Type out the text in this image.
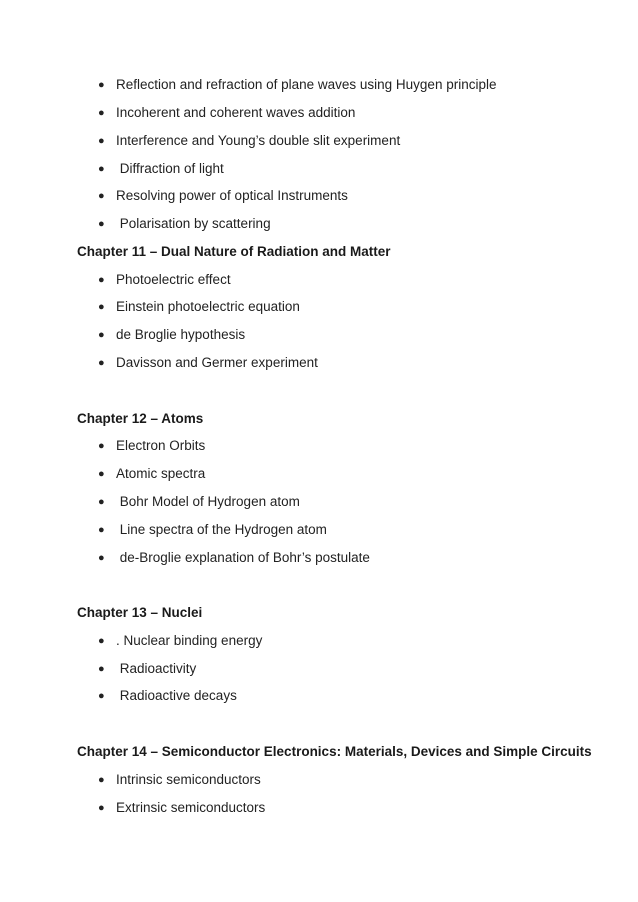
● Reflection and refraction of plane waves using Huygen principle
● Incoherent and coherent waves addition
● Interference and Young’s double slit experiment
● Diffraction of light
● Resolving power of optical Instruments
● Polarisation by scattering
Chapter 11 – Dual Nature of Radiation and Matter
● Photoelectric effect
● Einstein photoelectric equation
● de Broglie hypothesis
● Davisson and Germer experiment
Chapter 12 – Atoms
● Electron Orbits
● Atomic spectra
● Bohr Model of Hydrogen atom
● Line spectra of the Hydrogen atom
● de-Broglie explanation of Bohr’s postulate
Chapter 13 – Nuclei
● . Nuclear binding energy
● Radioactivity
● Radioactive decays
Chapter 14 – Semiconductor Electronics: Materials, Devices and Simple Circuits
● Intrinsic semiconductors
● Extrinsic semiconductors
